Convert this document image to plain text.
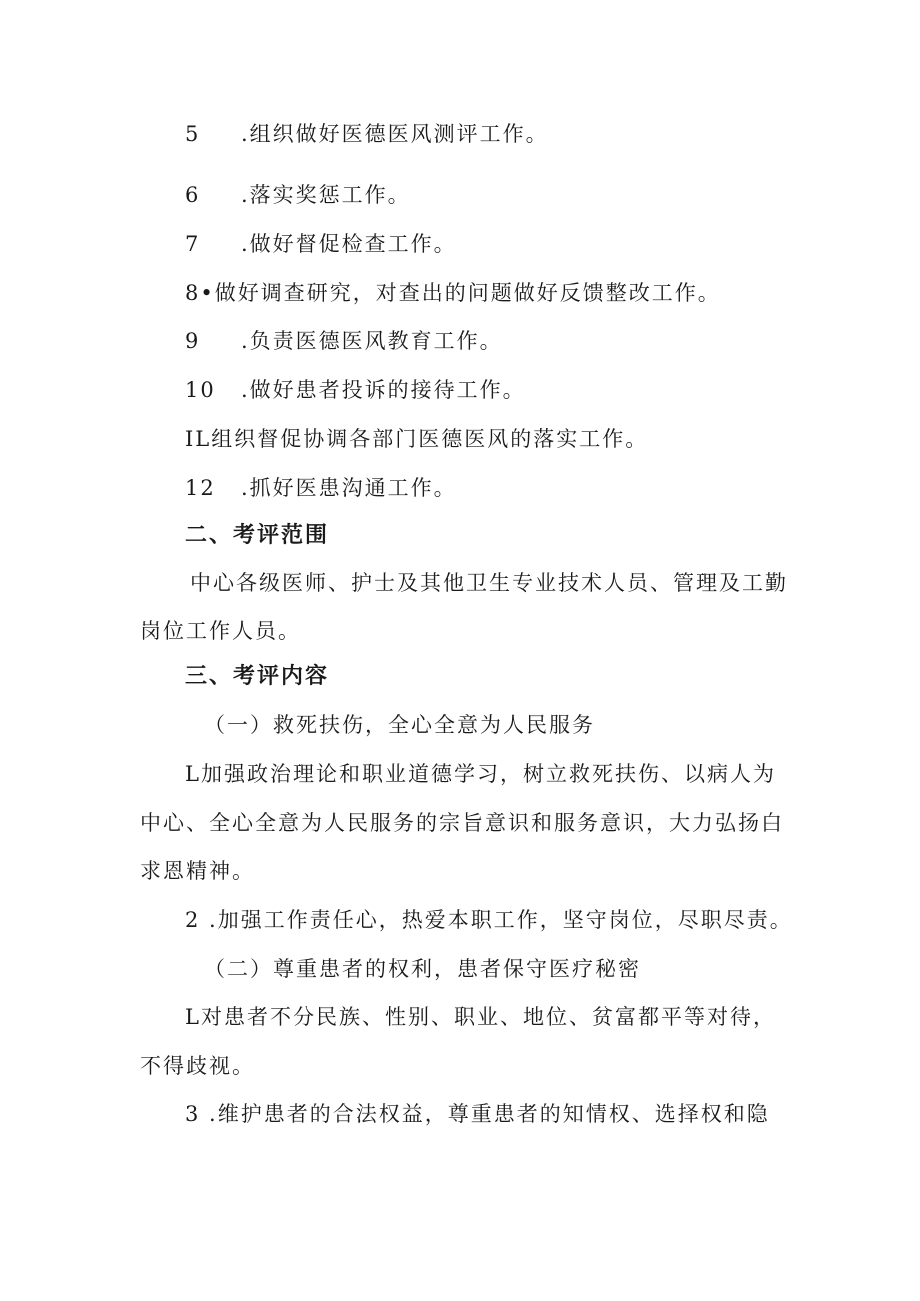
5 .组织做好医德医风测评工作。
6 .落实奖惩工作。
7 .做好督促检查工作。
8•做好调查研究，对查出的问题做好反馈整改工作。
9 .负责医德医风教育工作。
10 .做好患者投诉的接待工作。
IL组织督促协调各部门医德医风的落实工作。
12 .抓好医患沟通工作。
二、考评范围
中心各级医师、护士及其他卫生专业技术人员、管理及工勤
岗位工作人员。
三、考评内容
（一）救死扶伤，全心全意为人民服务
L加强政治理论和职业道德学习，树立救死扶伤、以病人为
中心、全心全意为人民服务的宗旨意识和服务意识，大力弘扬白
求恩精神。
2 .加强工作责任心，热爱本职工作，坚守岗位，尽职尽责。
（二）尊重患者的权利，患者保守医疗秘密
L对患者不分民族、性别、职业、地位、贫富都平等对待，
不得歧视。
3 .维护患者的合法权益，尊重患者的知情权、选择权和隐
